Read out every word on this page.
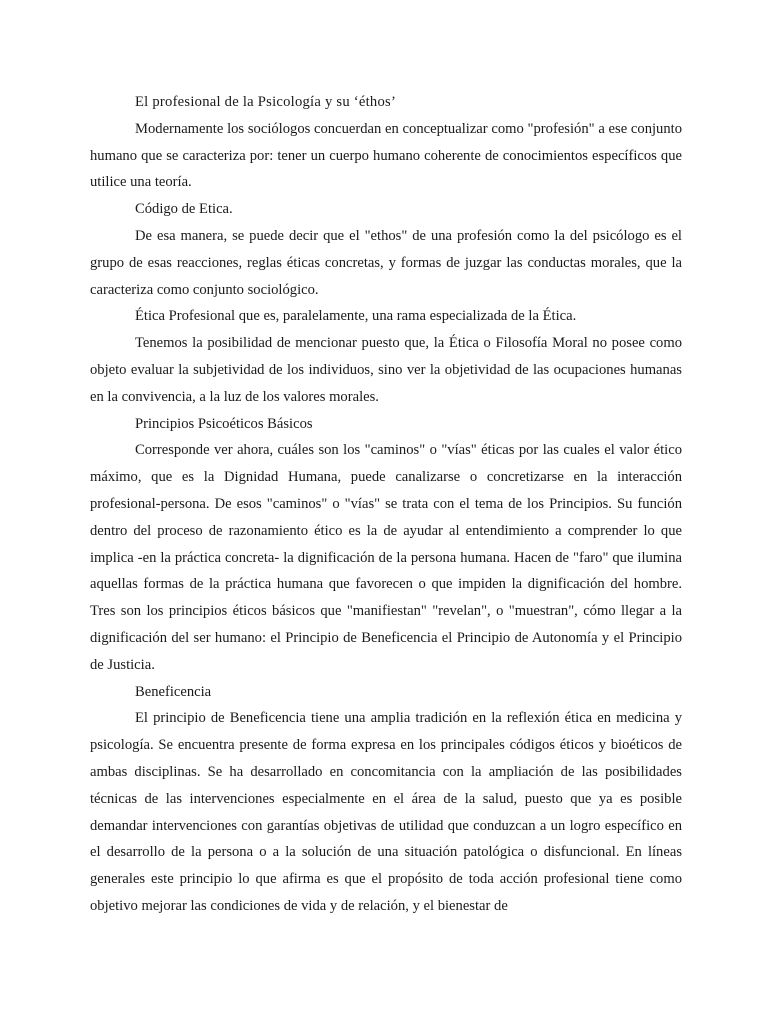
El profesional de la Psicología y su ‘éthos’

Modernamente los sociólogos concuerdan en conceptualizar como "profesión" a ese conjunto humano que se caracteriza por: tener un cuerpo humano coherente de conocimientos específicos que utilice una teoría.

Código de Etica.

De esa manera, se puede decir que el "ethos" de una profesión como la del psicólogo es el grupo de esas reacciones, reglas éticas concretas, y formas de juzgar las conductas morales, que la caracteriza como conjunto sociológico.

Ética Profesional que es, paralelamente, una rama especializada de la Ética.

Tenemos la posibilidad de mencionar puesto que, la Ética o Filosofía Moral no posee como objeto evaluar la subjetividad de los individuos, sino ver la objetividad de las ocupaciones humanas en la convivencia, a la luz de los valores morales.

Principios Psicoéticos Básicos

Corresponde ver ahora, cuáles son los "caminos" o "vías" éticas por las cuales el valor ético máximo, que es la Dignidad Humana, puede canalizarse o concretizarse en la interacción profesional-persona. De esos "caminos" o "vías" se trata con el tema de los Principios. Su función dentro del proceso de razonamiento ético es la de ayudar al entendimiento a comprender lo que implica -en la práctica concreta- la dignificación de la persona humana. Hacen de "faro" que ilumina aquellas formas de la práctica humana que favorecen o que impiden la dignificación del hombre. Tres son los principios éticos básicos que "manifiestan" "revelan", o "muestran", cómo llegar a la dignificación del ser humano: el Principio de Beneficencia el Principio de Autonomía y el Principio de Justicia.

Beneficencia

El principio de Beneficencia tiene una amplia tradición en la reflexión ética en medicina y psicología. Se encuentra presente de forma expresa en los principales códigos éticos y bioéticos de ambas disciplinas. Se ha desarrollado en concomitancia con la ampliación de las posibilidades técnicas de las intervenciones especialmente en el área de la salud, puesto que ya es posible demandar intervenciones con garantías objetivas de utilidad que conduzcan a un logro específico en el desarrollo de la persona o a la solución de una situación patológica o disfuncional. En líneas generales este principio lo que afirma es que el propósito de toda acción profesional tiene como objetivo mejorar las condiciones de vida y de relación, y el bienestar de
